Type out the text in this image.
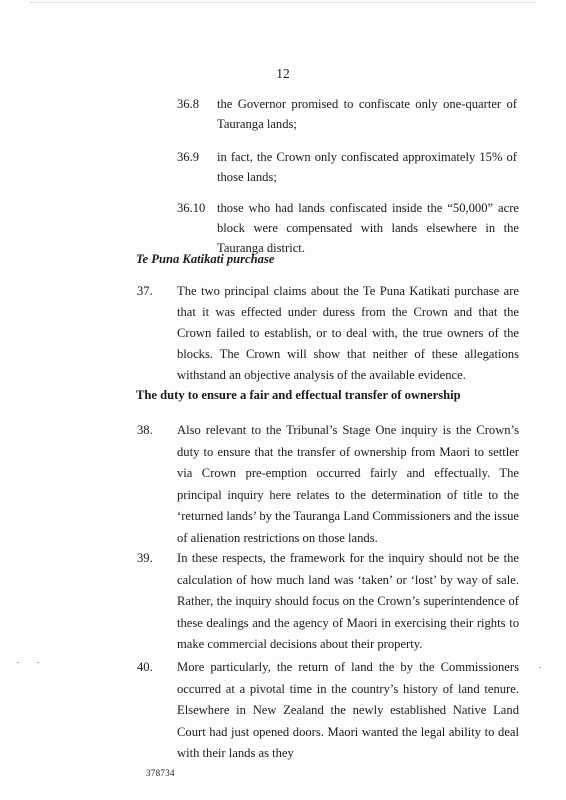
12
36.8 the Governor promised to confiscate only one-quarter of Tauranga lands;
36.9 in fact, the Crown only confiscated approximately 15% of those lands;
36.10 those who had lands confiscated inside the “50,000” acre block were compensated with lands elsewhere in the Tauranga district.
Te Puna Katikati purchase
37. The two principal claims about the Te Puna Katikati purchase are that it was effected under duress from the Crown and that the Crown failed to establish, or to deal with, the true owners of the blocks. The Crown will show that neither of these allegations withstand an objective analysis of the available evidence.
The duty to ensure a fair and effectual transfer of ownership
38. Also relevant to the Tribunal’s Stage One inquiry is the Crown’s duty to ensure that the transfer of ownership from Maori to settler via Crown pre-emption occurred fairly and effectually. The principal inquiry here relates to the determination of title to the ‘returned lands’ by the Tauranga Land Commissioners and the issue of alienation restrictions on those lands.
39. In these respects, the framework for the inquiry should not be the calculation of how much land was ‘taken’ or ‘lost’ by way of sale. Rather, the inquiry should focus on the Crown’s superintendence of these dealings and the agency of Maori in exercising their rights to make commercial decisions about their property.
40. More particularly, the return of land the by the Commissioners occurred at a pivotal time in the country’s history of land tenure. Elsewhere in New Zealand the newly established Native Land Court had just opened doors. Maori wanted the legal ability to deal with their lands as they
378734
